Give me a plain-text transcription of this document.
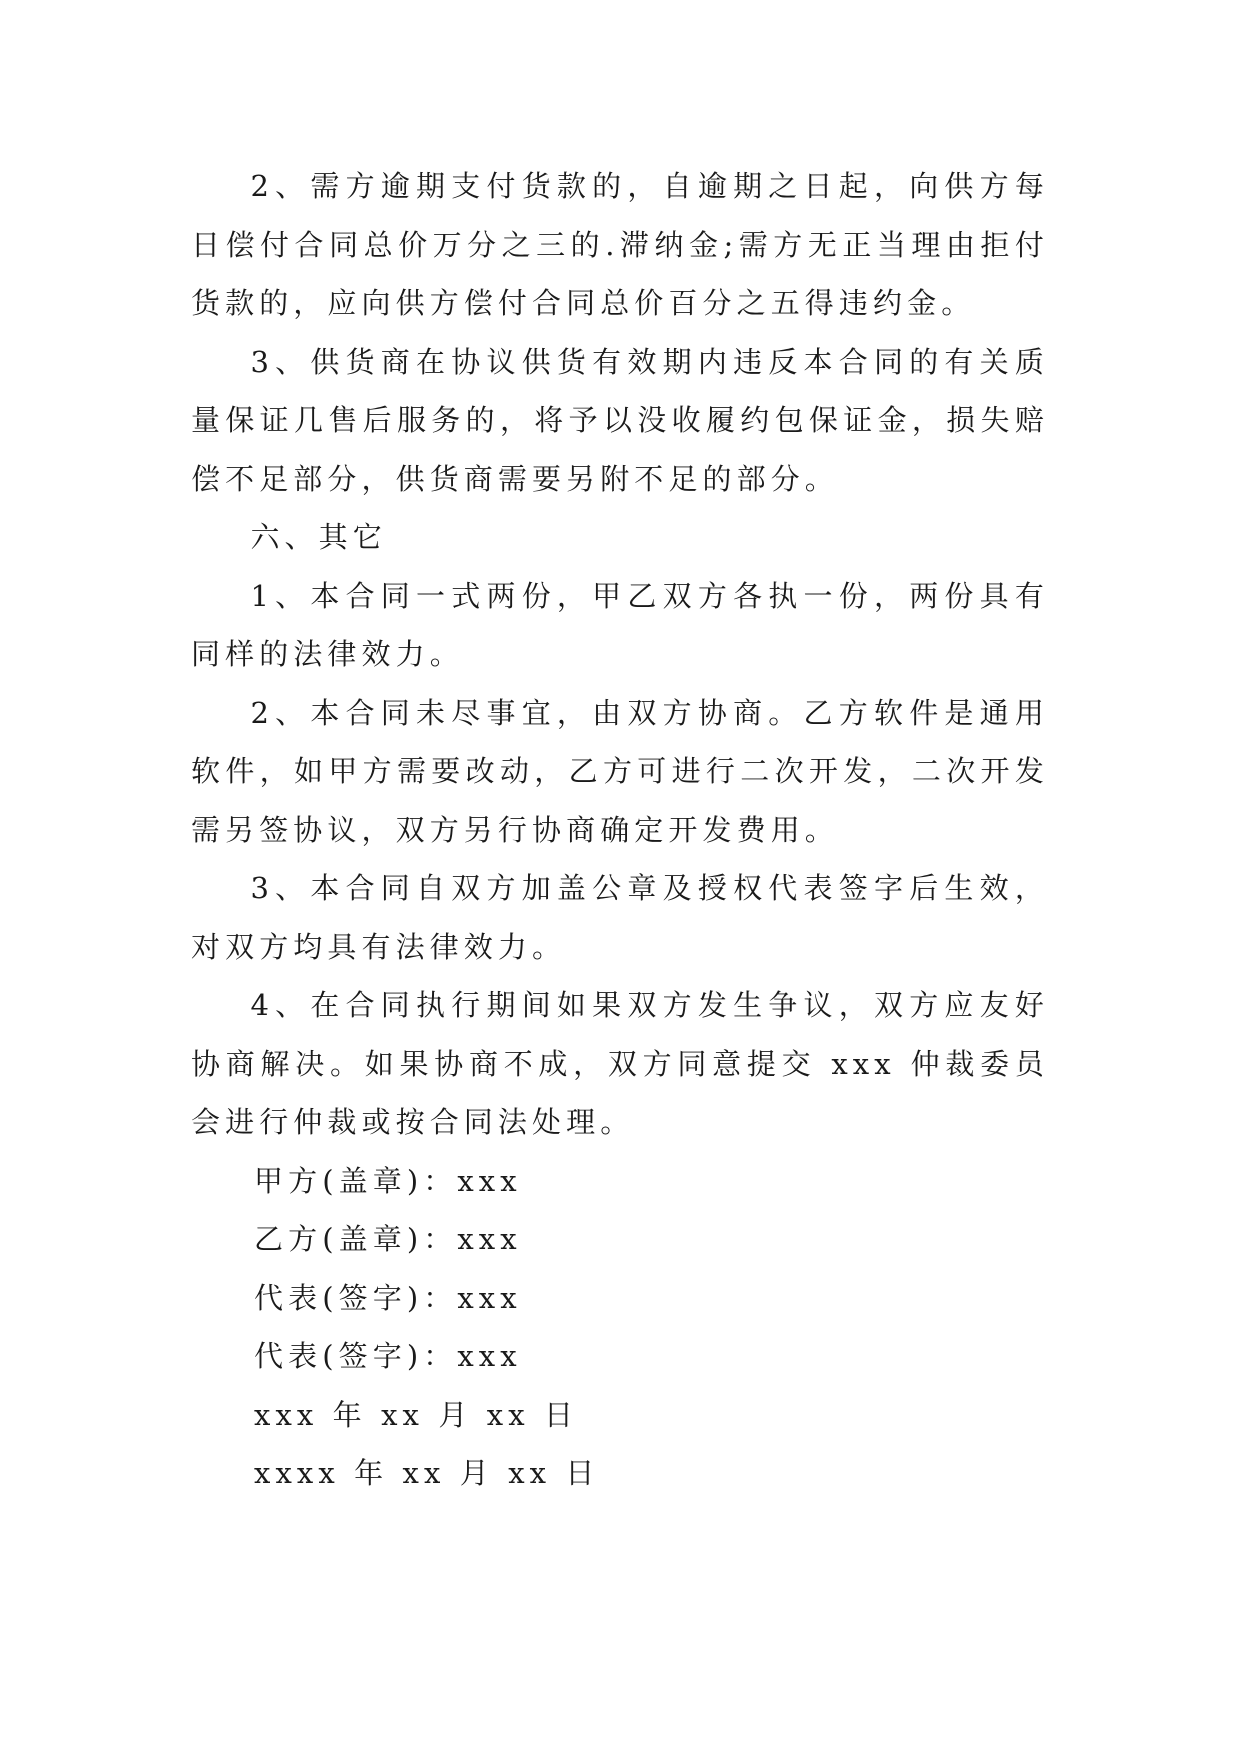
2、需方逾期支付货款的，自逾期之日起，向供方每日偿付合同总价万分之三的.滞纳金;需方无正当理由拒付货款的，应向供方偿付合同总价百分之五得违约金。

3、供货商在协议供货有效期内违反本合同的有关质量保证几售后服务的，将予以没收履约包保证金，损失赔偿不足部分，供货商需要另附不足的部分。

六、其它

1、本合同一式两份，甲乙双方各执一份，两份具有同样的法律效力。

2、本合同未尽事宜，由双方协商。乙方软件是通用软件，如甲方需要改动，乙方可进行二次开发，二次开发需另签协议，双方另行协商确定开发费用。

3、本合同自双方加盖公章及授权代表签字后生效，对双方均具有法律效力。

4、在合同执行期间如果双方发生争议，双方应友好协商解决。如果协商不成，双方同意提交 xxx 仲裁委员会进行仲裁或按合同法处理。

甲方(盖章)：xxx

乙方(盖章)：xxx

代表(签字)：xxx

代表(签字)：xxx

xxx 年 xx 月 xx 日

xxxx 年 xx 月 xx 日
